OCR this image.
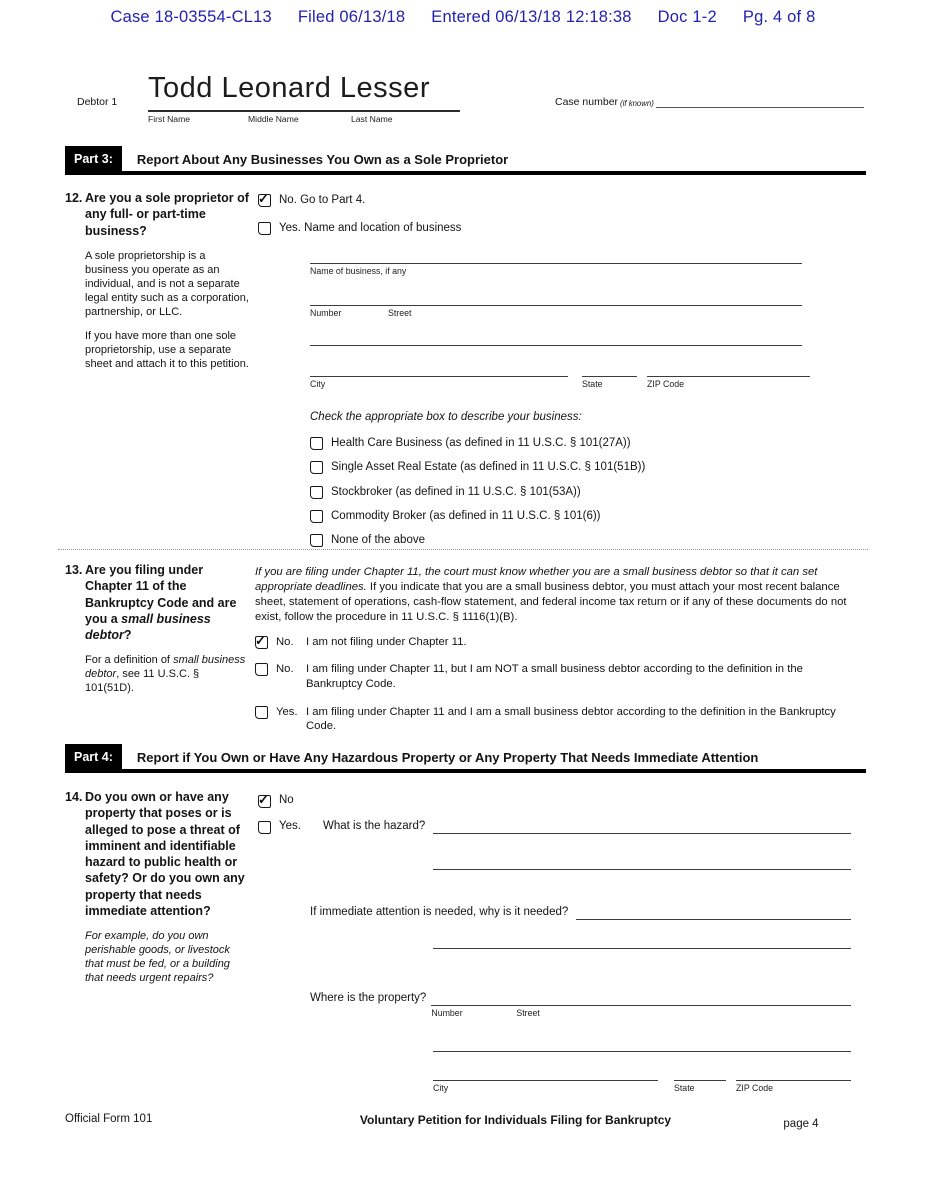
Case 18-03554-CL13 Filed 06/13/18 Entered 06/13/18 12:18:38 Doc 1-2 Pg. 4 of 8
Debtor 1 Todd Leonard Lesser
First Name	Middle Name	Last Name
Case number (if known)
Part 3:	Report About Any Businesses You Own as a Sole Proprietor
12. Are you a sole proprietor of any full- or part-time business?

A sole proprietorship is a business you operate as an individual, and is not a separate legal entity such as a corporation, partnership, or LLC.

If you have more than one sole proprietorship, use a separate sheet and attach it to this petition.

✓
No. Go to Part 4.
Yes. Name and location of business
Name of business, if any
Number	Street
City	State	ZIP Code
Check the appropriate box to describe your business:
Health Care Business (as defined in 11 U.S.C. § 101(27A))
Single Asset Real Estate (as defined in 11 U.S.C. § 101(51B))
Stockbroker (as defined in 11 U.S.C. § 101(53A))
Commodity Broker (as defined in 11 U.S.C. § 101(6))
None of the above
13. Are you filing under Chapter 11 of the Bankruptcy Code and are you a small business debtor?

For a definition of small business debtor, see 11 U.S.C. § 101(51D).

If you are filing under Chapter 11, the court must know whether you are a small business debtor so that it can set appropriate deadlines. If you indicate that you are a small business debtor, you must attach your most recent balance sheet, statement of operations, cash-flow statement, and federal income tax return or if any of these documents do not exist, follow the procedure in 11 U.S.C. § 1116(1)(B).

✓
No.	I am not filing under Chapter 11.
No.	I am filing under Chapter 11, but I am NOT a small business debtor according to the definition in the Bankruptcy Code.
Yes. I am filing under Chapter 11 and I am a small business debtor according to the definition in the Bankruptcy Code.
Part 4:	Report if You Own or Have Any Hazardous Property or Any Property That Needs Immediate Attention
14. Do you own or have any property that poses or is alleged to pose a threat of imminent and identifiable hazard to public health or safety? Or do you own any property that needs immediate attention?

For example, do you own perishable goods, or livestock that must be fed, or a building that needs urgent repairs?

✓
No
Yes.	What is the hazard?
If immediate attention is needed, why is it needed?
Where is the property?
Number	Street
City	State	ZIP Code
Official Form 101	Voluntary Petition for Individuals Filing for Bankruptcy	page 4
